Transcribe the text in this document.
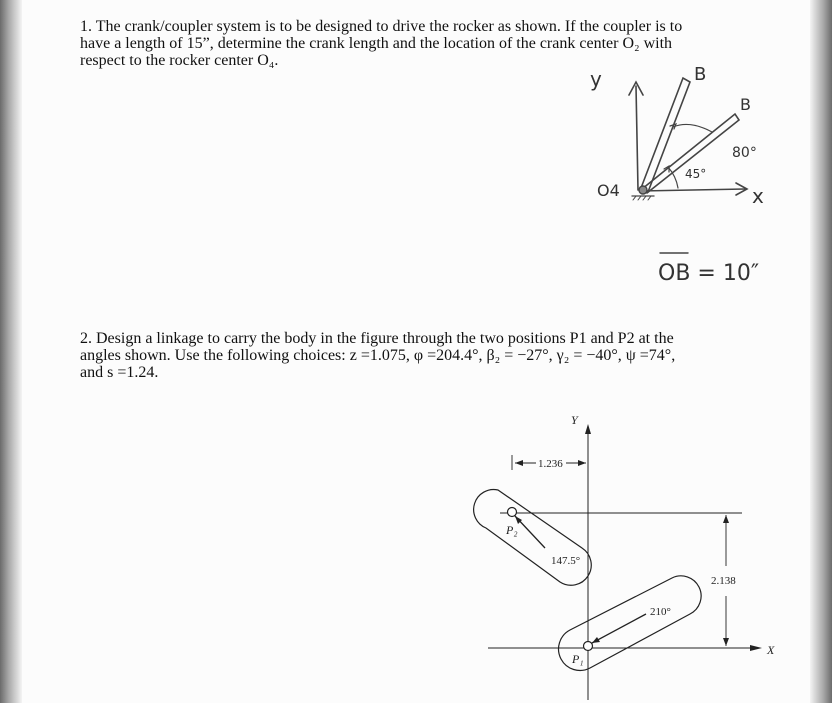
1. The crank/coupler system is to be designed to drive the rocker as shown. If the coupler is to
have a length of 15”, determine the crank length and the location of the crank center O₂ with
respect to the rocker center O₄.
y
x
B
B
80°
45°
O4
OB = 10″
Y
X
1.236
2.138
147.5°
210°
P₂
P₁
2. Design a linkage to carry the body in the figure through the two positions P1 and P2 at the
angles shown. Use the following choices: z =1.075, φ =204.4°, β₂ = −27°, γ₂ = −40°, ψ =74°,
and s =1.24.
